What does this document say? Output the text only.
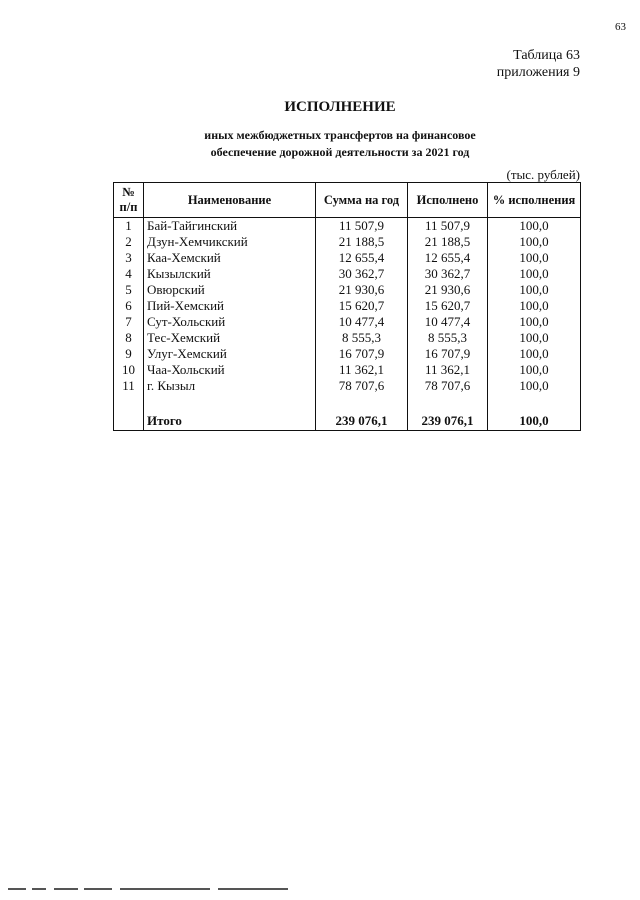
63
Таблица 63
приложения 9
ИСПОЛНЕНИЕ
иных межбюджетных трансфертов на финансовое
обеспечение дорожной деятельности за 2021 год
(тыс. рублей)
№
п/п	Наименование	Сумма на год	Исполнено	% исполнения
1	Бай-Тайгинский	11 507,9	11 507,9	100,0
2	Дзун-Хемчикский	21 188,5	21 188,5	100,0
3	Каа-Хемский	12 655,4	12 655,4	100,0
4	Кызылский	30 362,7	30 362,7	100,0
5	Овюрский	21 930,6	21 930,6	100,0
6	Пий-Хемский	15 620,7	15 620,7	100,0
7	Сут-Хольский	10 477,4	10 477,4	100,0
8	Тес-Хемский	8 555,3	8 555,3	100,0
9	Улуг-Хемский	16 707,9	16 707,9	100,0
10	Чаа-Хольский	11 362,1	11 362,1	100,0
11	г. Кызыл	78 707,6	78 707,6	100,0

	Итого	239 076,1	239 076,1	100,0
